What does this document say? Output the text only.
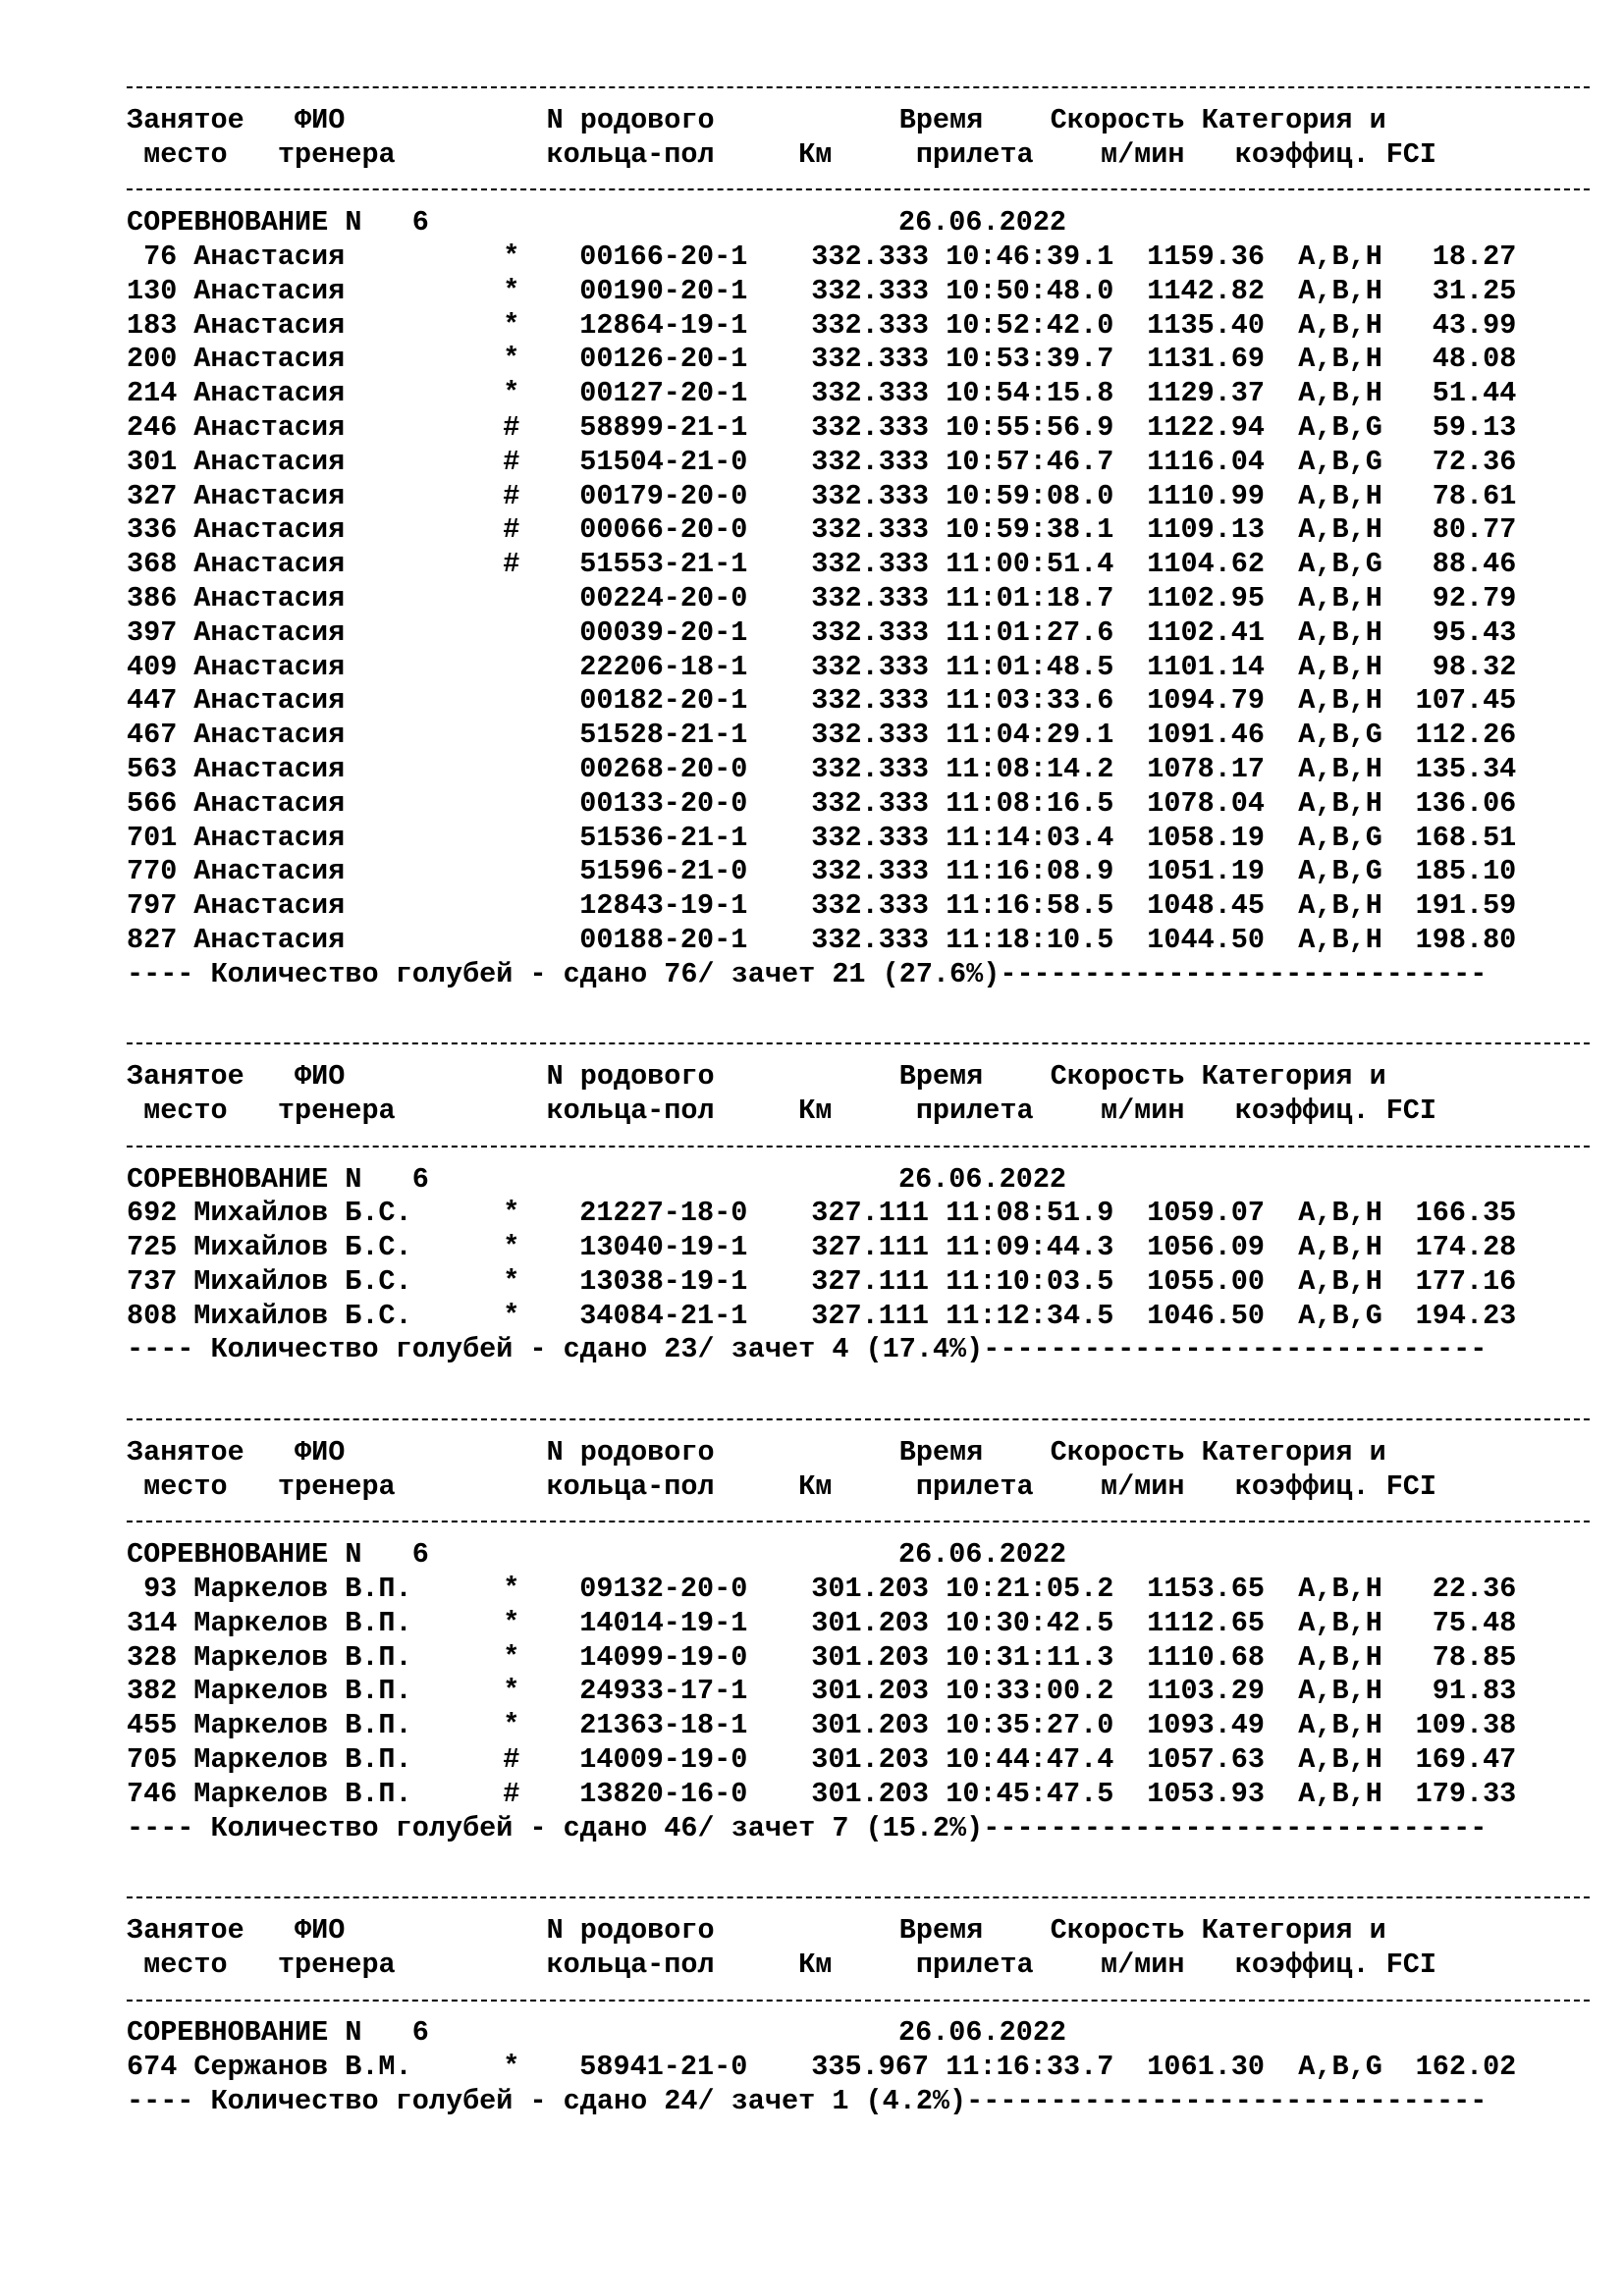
Занятое   ФИО            N родового           Время    Скорость Категория и
место   тренера         кольца-пол     Км     прилета    м/мин   коэффиц. FCI
СОРЕВНОВАНИЕ N   6	26.06.2022
76 Анастасия	* 00166-20-1 332.333 10:46:39.1 1159.36 A,B,H 18.27
130 Анастасия	* 00190-20-1 332.333 10:50:48.0 1142.82 A,B,H 31.25
183 Анастасия	* 12864-19-1 332.333 10:52:42.0 1135.40 A,B,H 43.99
200 Анастасия	* 00126-20-1 332.333 10:53:39.7 1131.69 A,B,H 48.08
214 Анастасия	* 00127-20-1 332.333 10:54:15.8 1129.37 A,B,H 51.44
246 Анастасия	# 58899-21-1 332.333 10:55:56.9 1122.94 A,B,G 59.13
301 Анастасия	# 51504-21-0 332.333 10:57:46.7 1116.04 A,B,G 72.36
327 Анастасия	# 00179-20-0 332.333 10:59:08.0 1110.99 A,B,H 78.61
336 Анастасия	# 00066-20-0 332.333 10:59:38.1 1109.13 A,B,H 80.77
368 Анастасия	# 51553-21-1 332.333 11:00:51.4 1104.62 A,B,G 88.46
386 Анастасия	00224-20-0 332.333 11:01:18.7 1102.95 A,B,H 92.79
397 Анастасия	00039-20-1 332.333 11:01:27.6 1102.41 A,B,H 95.43
409 Анастасия	22206-18-1 332.333 11:01:48.5 1101.14 A,B,H 98.32
447 Анастасия	00182-20-1 332.333 11:03:33.6 1094.79 A,B,H 107.45
467 Анастасия	51528-21-1 332.333 11:04:29.1 1091.46 A,B,G 112.26
563 Анастасия	00268-20-0 332.333 11:08:14.2 1078.17 A,B,H 135.34
566 Анастасия	00133-20-0 332.333 11:08:16.5 1078.04 A,B,H 136.06
701 Анастасия	51536-21-1 332.333 11:14:03.4 1058.19 A,B,G 168.51
770 Анастасия	51596-21-0 332.333 11:16:08.9 1051.19 A,B,G 185.10
797 Анастасия	12843-19-1 332.333 11:16:58.5 1048.45 A,B,H 191.59
827 Анастасия	00188-20-1 332.333 11:18:10.5 1044.50 A,B,H 198.80
---- Количество голубей - сдано 76/ зачет 21 (27.6%)-----------------------------
Занятое   ФИО            N родового           Время    Скорость Категория и
место   тренера         кольца-пол     Км     прилета    м/мин   коэффиц. FCI
СОРЕВНОВАНИЕ N   6	26.06.2022
692 Михайлов Б.С.	* 21227-18-0 327.111 11:08:51.9 1059.07 A,B,H 166.35
725 Михайлов Б.С.	* 13040-19-1 327.111 11:09:44.3 1056.09 A,B,H 174.28
737 Михайлов Б.С.	* 13038-19-1 327.111 11:10:03.5 1055.00 A,B,H 177.16
808 Михайлов Б.С.	* 34084-21-1 327.111 11:12:34.5 1046.50 A,B,G 194.23
---- Количество голубей - сдано 23/ зачет 4 (17.4%)------------------------------
Занятое   ФИО            N родового           Время    Скорость Категория и
место   тренера         кольца-пол     Км     прилета    м/мин   коэффиц. FCI
СОРЕВНОВАНИЕ N   6	26.06.2022
93 Маркелов В.П.	* 09132-20-0 301.203 10:21:05.2 1153.65 A,B,H 22.36
314 Маркелов В.П.	* 14014-19-1 301.203 10:30:42.5 1112.65 A,B,H 75.48
328 Маркелов В.П.	* 14099-19-0 301.203 10:31:11.3 1110.68 A,B,H 78.85
382 Маркелов В.П.	* 24933-17-1 301.203 10:33:00.2 1103.29 A,B,H 91.83
455 Маркелов В.П.	* 21363-18-1 301.203 10:35:27.0 1093.49 A,B,H 109.38
705 Маркелов В.П.	# 14009-19-0 301.203 10:44:47.4 1057.63 A,B,H 169.47
746 Маркелов В.П.	# 13820-16-0 301.203 10:45:47.5 1053.93 A,B,H 179.33
---- Количество голубей - сдано 46/ зачет 7 (15.2%)------------------------------
Занятое   ФИО            N родового           Время    Скорость Категория и
место   тренера         кольца-пол     Км     прилета    м/мин   коэффиц. FCI
СОРЕВНОВАНИЕ N   6	26.06.2022
674 Сержанов В.М.	* 58941-21-0 335.967 11:16:33.7 1061.30 A,B,G 162.02
---- Количество голубей - сдано 24/ зачет 1 (4.2%)-------------------------------
